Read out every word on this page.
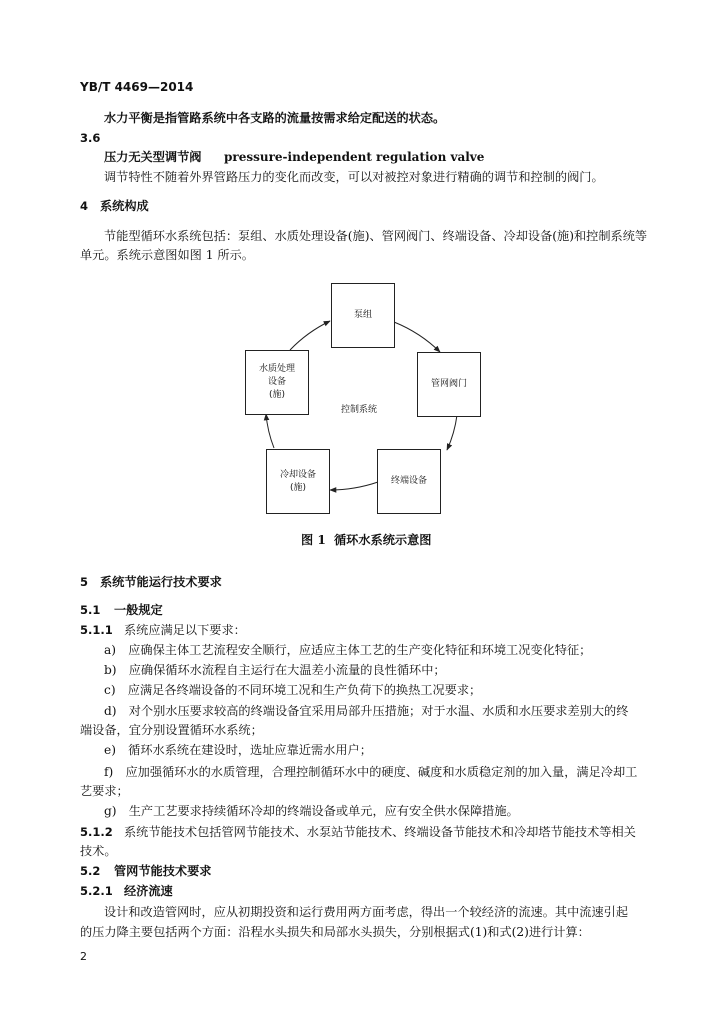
YB/T 4469—2014
水力平衡是指管路系统中各支路的流量按需求给定配送的状态。
3.6
压力无关型调节阀 pressure-independent regulation valve
调节特性不随着外界管路压力的变化而改变，可以对被控对象进行精确的调节和控制的阀门。
4 系统构成
节能型循环水系统包括：泵组、水质处理设备(施)、管网阀门、终端设备、冷却设备(施)和控制系统等
单元。系统示意图如图 1 所示。
泵组
管网阀门
终端设备
冷却设备
(施)
水质处理
设备
(施)
控制系统
图 1 循环水系统示意图
5 系统节能运行技术要求
5.1 一般规定
5.1.1 系统应满足以下要求：
a)　应确保主体工艺流程安全顺行，应适应主体工艺的生产变化特征和环境工况变化特征；
b)　应确保循环水流程自主运行在大温差小流量的良性循环中；
c)　应满足各终端设备的不同环境工况和生产负荷下的换热工况要求；
d)　对个别水压要求较高的终端设备宜采用局部升压措施；对于水温、水质和水压要求差别大的终
端设备，宜分别设置循环水系统；
e)　循环水系统在建设时，选址应靠近需水用户；
f)　应加强循环水的水质管理，合理控制循环水中的硬度、碱度和水质稳定剂的加入量，满足冷却工
艺要求；
g)　生产工艺要求持续循环冷却的终端设备或单元，应有安全供水保障措施。
5.1.2 系统节能技术包括管网节能技术、水泵站节能技术、终端设备节能技术和冷却塔节能技术等相关
技术。
5.2 管网节能技术要求
5.2.1 经济流速
设计和改造管网时，应从初期投资和运行费用两方面考虑，得出一个较经济的流速。其中流速引起
的压力降主要包括两个方面：沿程水头损失和局部水头损失，分别根据式(1)和式(2)进行计算：
2
